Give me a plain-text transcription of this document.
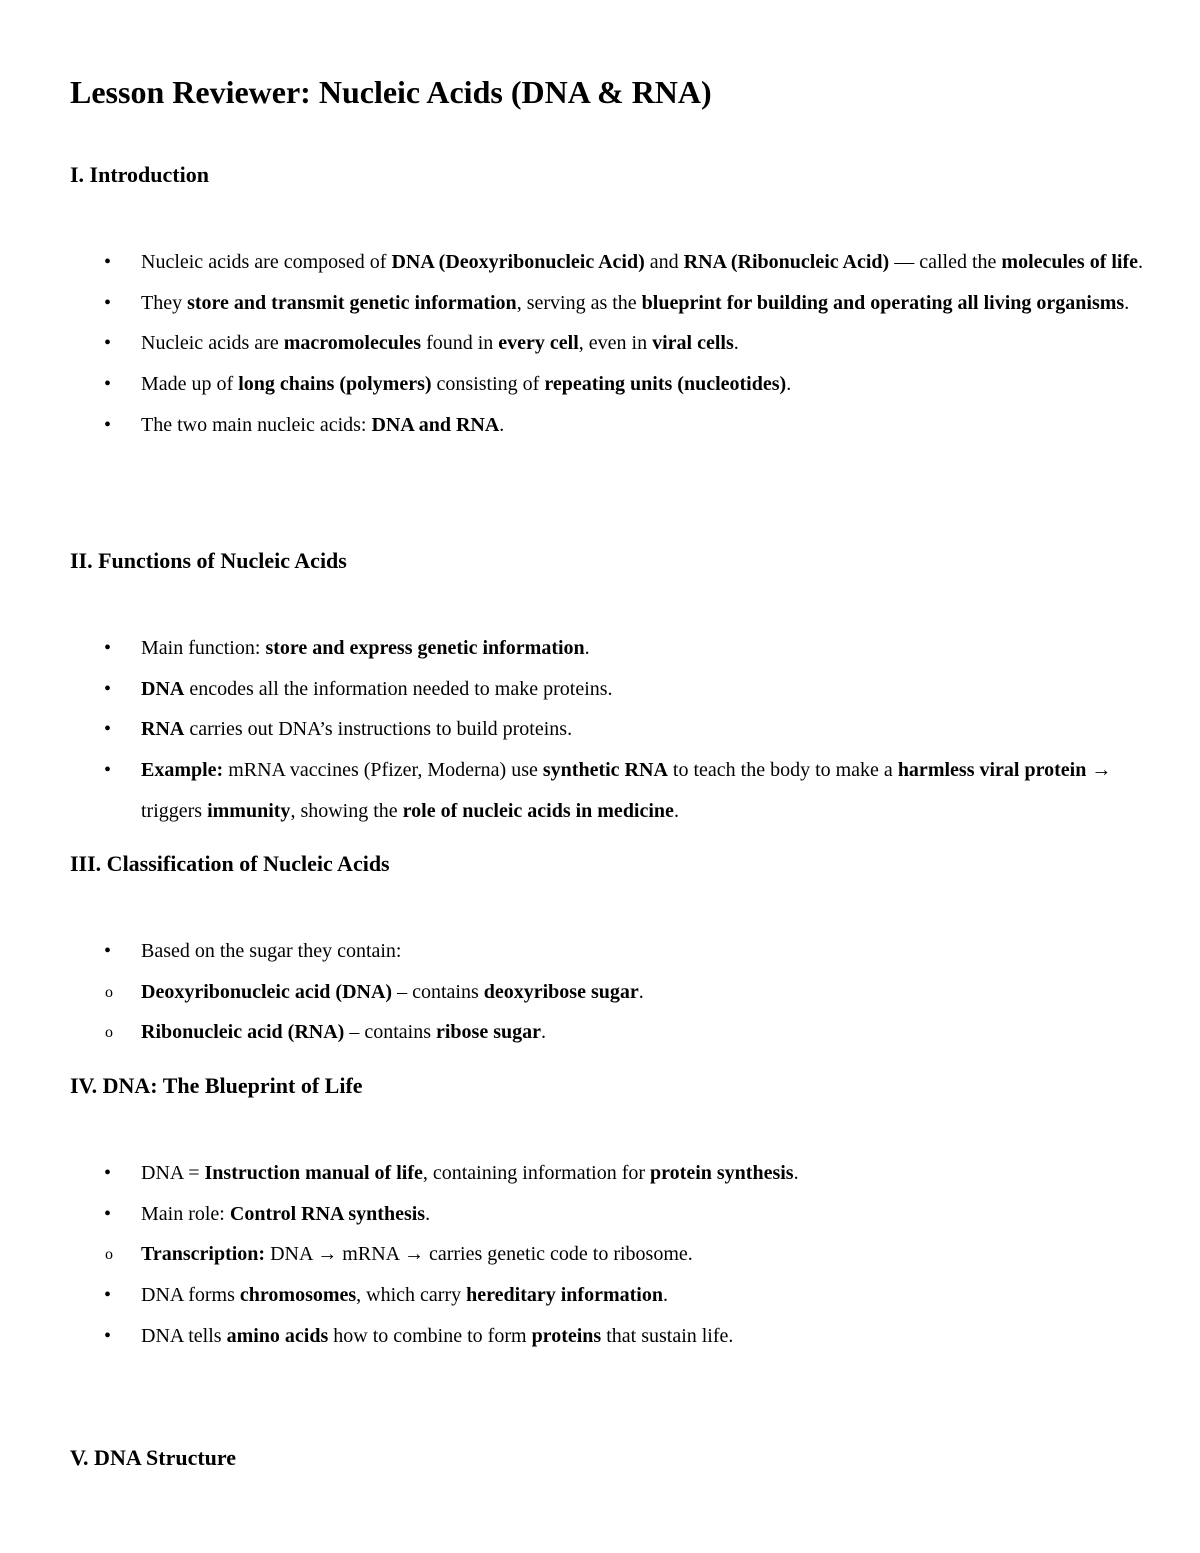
Lesson Reviewer: Nucleic Acids (DNA & RNA)
I. Introduction
• Nucleic acids are composed of DNA (Deoxyribonucleic Acid) and RNA (Ribonucleic Acid) — called the molecules of life.
• They store and transmit genetic information, serving as the blueprint for building and operating all living organisms.
• Nucleic acids are macromolecules found in every cell, even in viral cells.
• Made up of long chains (polymers) consisting of repeating units (nucleotides).
• The two main nucleic acids: DNA and RNA.
II. Functions of Nucleic Acids
• Main function: store and express genetic information.
• DNA encodes all the information needed to make proteins.
• RNA carries out DNA’s instructions to build proteins.
• Example: mRNA vaccines (Pfizer, Moderna) use synthetic RNA to teach the body to make a harmless viral protein → triggers immunity, showing the role of nucleic acids in medicine.
III. Classification of Nucleic Acids
• Based on the sugar they contain:
o Deoxyribonucleic acid (DNA) – contains deoxyribose sugar.
o Ribonucleic acid (RNA) – contains ribose sugar.
IV. DNA: The Blueprint of Life
• DNA = Instruction manual of life, containing information for protein synthesis.
• Main role: Control RNA synthesis.
o Transcription: DNA → mRNA → carries genetic code to ribosome.
• DNA forms chromosomes, which carry hereditary information.
• DNA tells amino acids how to combine to form proteins that sustain life.
V. DNA Structure
